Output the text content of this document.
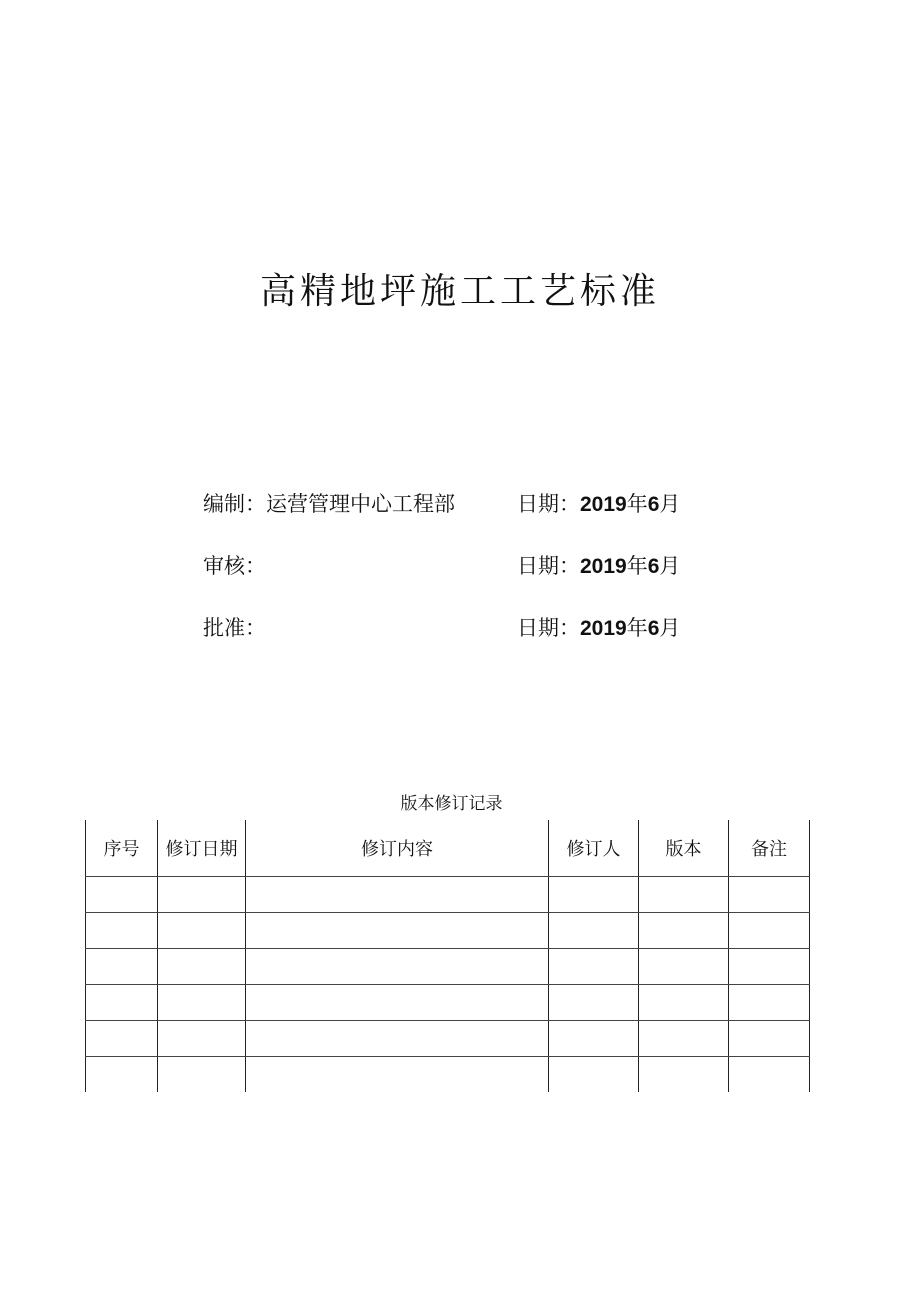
高精地坪施工工艺标准
编制：运营管理中心工程部	日期：2019年6月
审核：	日期：2019年6月
批准：	日期：2019年6月
版本修订记录
序号	修订日期	修订内容	修订人	版本	备注
